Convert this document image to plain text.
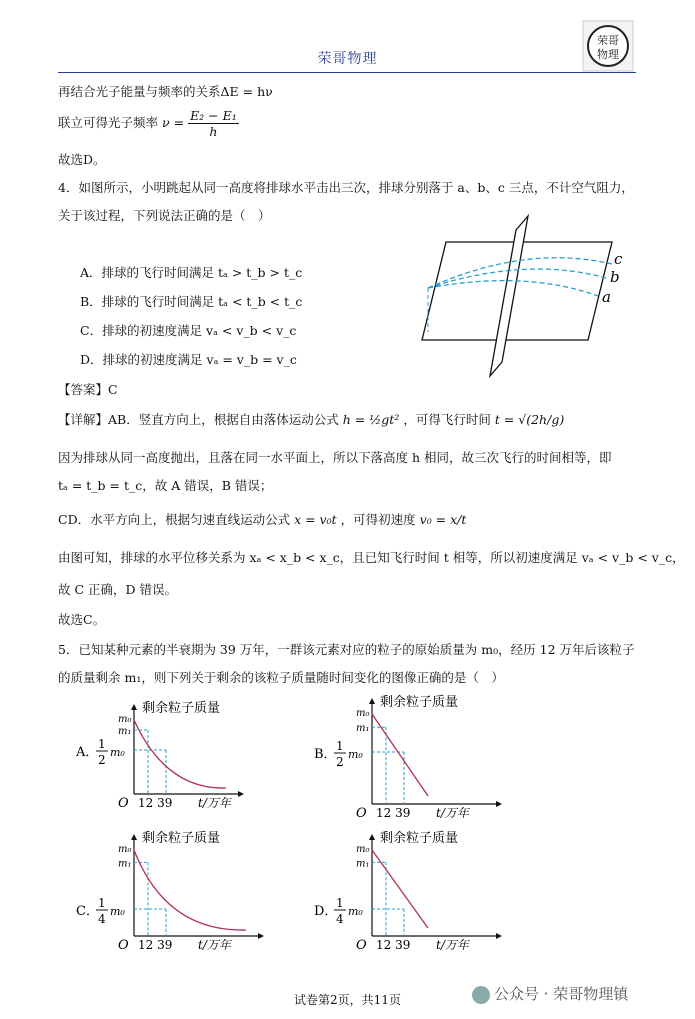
荣哥物理
荣哥
物理
再结合光子能量与频率的关系ΔE = hν
联立可得光子频率 $\nu = \frac{\text{E₂ − E₁}}{h}$
故选D。
4．如图所示，小明跳起从同一高度将排球水平击出三次，排球分别落于 a、b、c 三点，不计空气阻力，
关于该过程，下列说法正确的是（　）
A．排球的飞行时间满足 tₐ > t_b > t_c
B．排球的飞行时间满足 tₐ < t_b < t_c
C．排球的初速度满足 vₐ < v_b < v_c
D．排球的初速度满足 vₐ = v_b = v_c
c
b
a
【答案】C
【详解】AB．竖直方向上，根据自由落体运动公式 h = ½gt² ，可得飞行时间 t = √(2h/g)
因为排球从同一高度抛出，且落在同一水平面上，所以下落高度 h 相同，故三次飞行的时间相等，即
tₐ = t_b = t_c，故 A 错误，B 错误；
CD．水平方向上，根据匀速直线运动公式 x = v₀t ，可得初速度 v₀ = x/t
由图可知，排球的水平位移关系为 xₐ < x_b < x_c，且已知飞行时间 t 相等，所以初速度满足 vₐ < v_b < v_c，
故 C 正确，D 错误。
故选C。
5．已知某种元素的半衰期为 39 万年，一群该元素对应的粒子的原始质量为 m₀，经历 12 万年后该粒子
的质量剩余 m₁，则下列关于剩余的该粒子质量随时间变化的图像正确的是（　）
A．
1
2
m₀
剩余粒子质量
O 12 39 t/万年
m₀
m₁
B．
1
2
m₀
剩余粒子质量
O 12 39 t/万年
m₀
m₁
C．
1
4
m₀
剩余粒子质量
O 12 39 t/万年
m₀
m₁
D．
1
4
m₀
剩余粒子质量
O 12 39 t/万年
m₀
m₁
试卷第2页，共11页	公众号 · 荣哥物理镇
